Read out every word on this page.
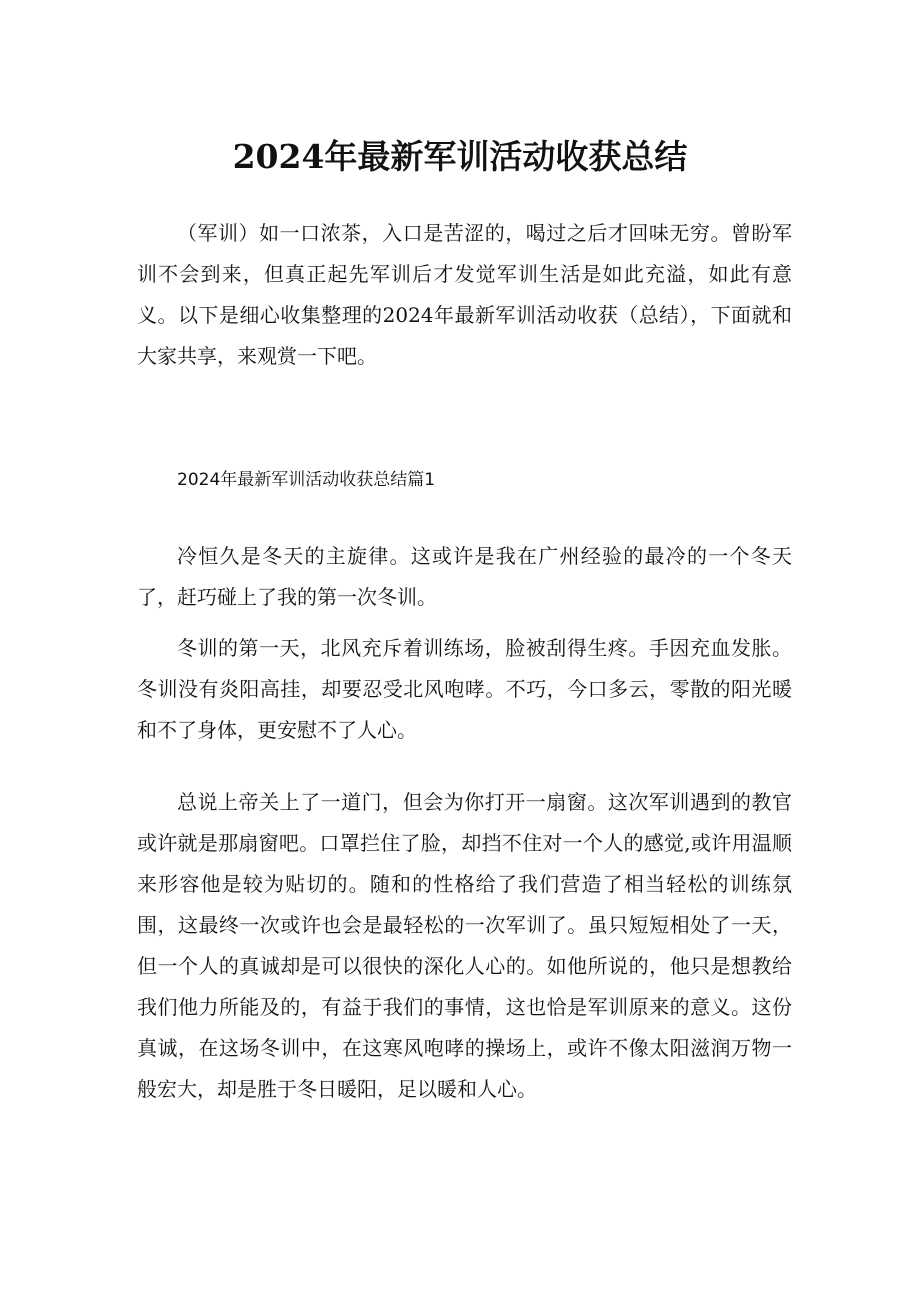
2024年最新军训活动收获总结

（军训）如一口浓茶，入口是苦涩的，喝过之后才回味无穷。曾盼军训不会到来，但真正起先军训后才发觉军训生活是如此充溢，如此有意义。以下是细心收集整理的2024年最新军训活动收获（总结），下面就和大家共享，来观赏一下吧。

2024年最新军训活动收获总结篇1

冷恒久是冬天的主旋律。这或许是我在广州经验的最冷的一个冬天了，赶巧碰上了我的第一次冬训。

冬训的第一天，北风充斥着训练场，脸被刮得生疼。手因充血发胀。冬训没有炎阳高挂，却要忍受北风咆哮。不巧，今口多云，零散的阳光暖和不了身体，更安慰不了人心。

总说上帝关上了一道门，但会为你打开一扇窗。这次军训遇到的教官或许就是那扇窗吧。口罩拦住了脸，却挡不住对一个人的感觉,或许用温顺来形容他是较为贴切的。随和的性格给了我们营造了相当轻松的训练氛围，这最终一次或许也会是最轻松的一次军训了。虽只短短相处了一天，但一个人的真诚却是可以很快的深化人心的。如他所说的，他只是想教给我们他力所能及的，有益于我们的事情，这也恰是军训原来的意义。这份真诚，在这场冬训中，在这寒风咆哮的操场上，或许不像太阳滋润万物一般宏大，却是胜于冬日暖阳，足以暖和人心。
